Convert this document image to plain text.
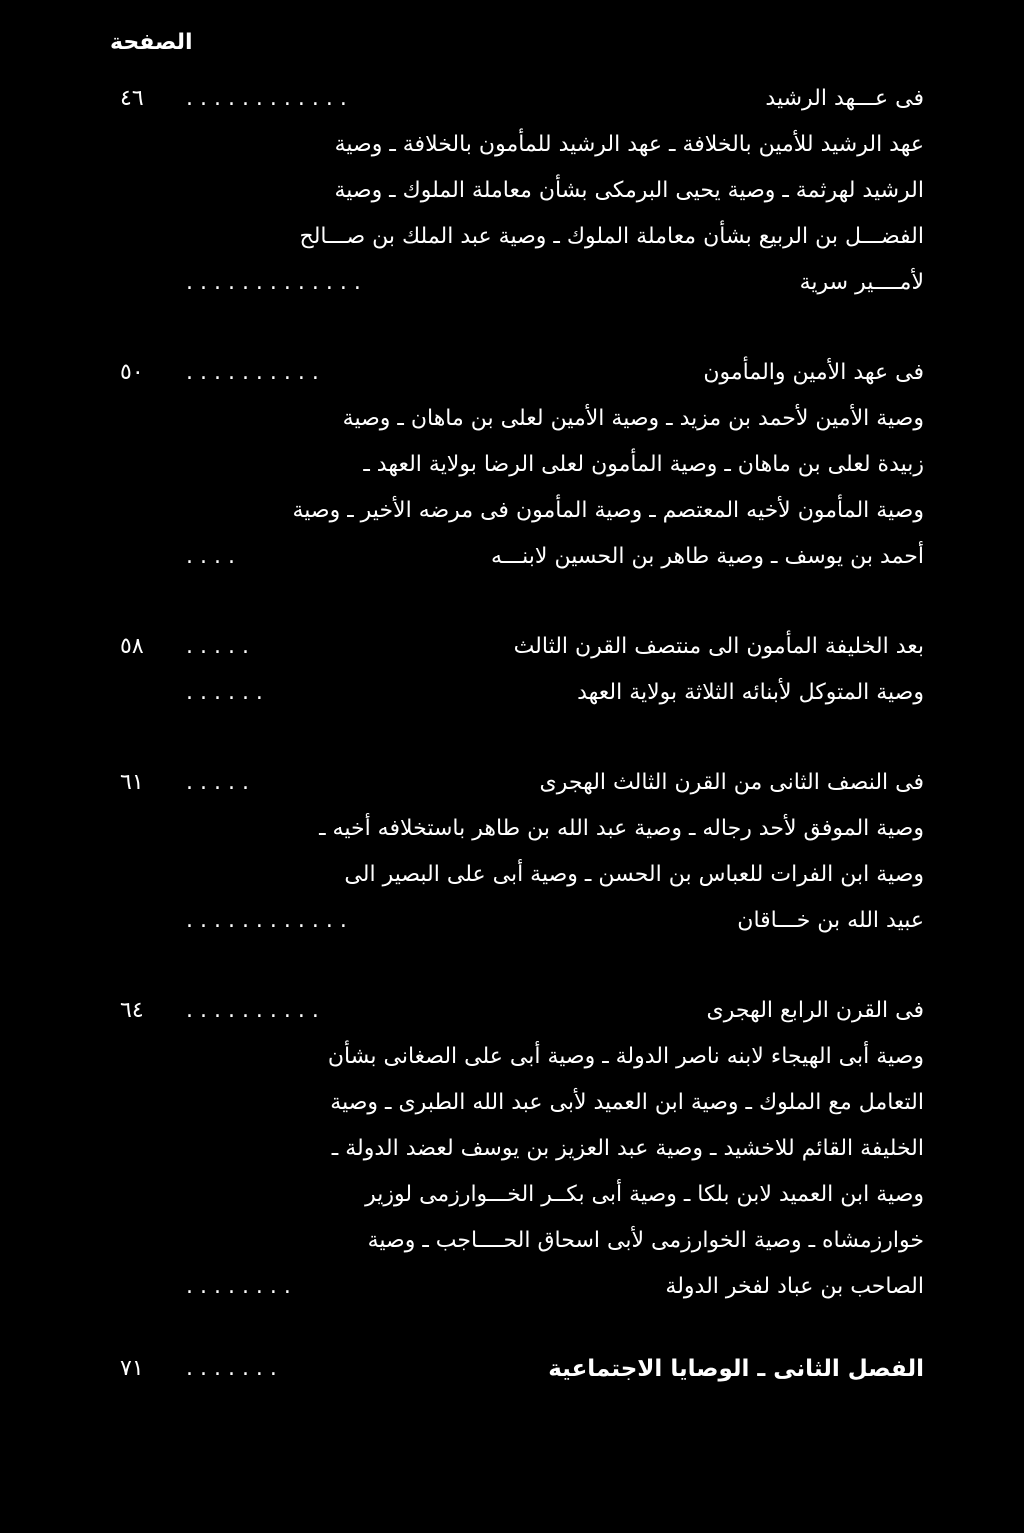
الصفحة
فى عـــهد الرشيد
. . . . . . . . . . . .
٤٦
عهد الرشيد للأمين بالخلافة ـ عهد الرشيد للمأمون بالخلافة ـ وصية
الرشيد لهرثمة ـ وصية يحيى البرمكى بشأن معاملة الملوك ـ وصية
الفضـــل بن الربيع بشأن معاملة الملوك ـ وصية عبد الملك بن صـــالح
لأمــــير سرية
. . . . . . . . . . . . .
فى عهد الأمين والمأمون
. . . . . . . . . .
٥٠
وصية الأمين لأحمد بن مزيد ـ وصية الأمين لعلى بن ماهان ـ وصية
زبيدة لعلى بن ماهان ـ وصية المأمون لعلى الرضا بولاية العهد ـ
وصية المأمون لأخيه المعتصم ـ وصية المأمون فى مرضه الأخير ـ وصية
أحمد بن يوسف ـ وصية طاهر بن الحسين لابنـــه
. . . .
بعد الخليفة المأمون الى منتصف القرن الثالث
. . . . .
٥٨
وصية المتوكل لأبنائه الثلاثة بولاية العهد
. . . . . .
فى النصف الثانى من القرن الثالث الهجرى
. . . . .
٦١
وصية الموفق لأحد رجاله ـ وصية عبد الله بن طاهر باستخلافه أخيه ـ
وصية ابن الفرات للعباس بن الحسن ـ وصية أبى على البصير الى
عبيد الله بن خـــاقان
. . . . . . . . . . . .
فى القرن الرابع الهجرى
. . . . . . . . . .
٦٤
وصية أبى الهيجاء لابنه ناصر الدولة ـ وصية أبى على الصغانى بشأن
التعامل مع الملوك ـ وصية ابن العميد لأبى عبد الله الطبرى ـ وصية
الخليفة القائم للاخشيد ـ وصية عبد العزيز بن يوسف لعضد الدولة ـ
وصية ابن العميد لابن بلكا ـ وصية أبى بكــر الخـــوارزمى لوزير
خوارزمشاه ـ وصية الخوارزمى لأبى اسحاق الحــــاجب ـ وصية
الصاحب بن عباد لفخر الدولة
. . . . . . . .
الفصل الثانى ـ الوصايا الاجتماعية
. . . . . . .
٧١
